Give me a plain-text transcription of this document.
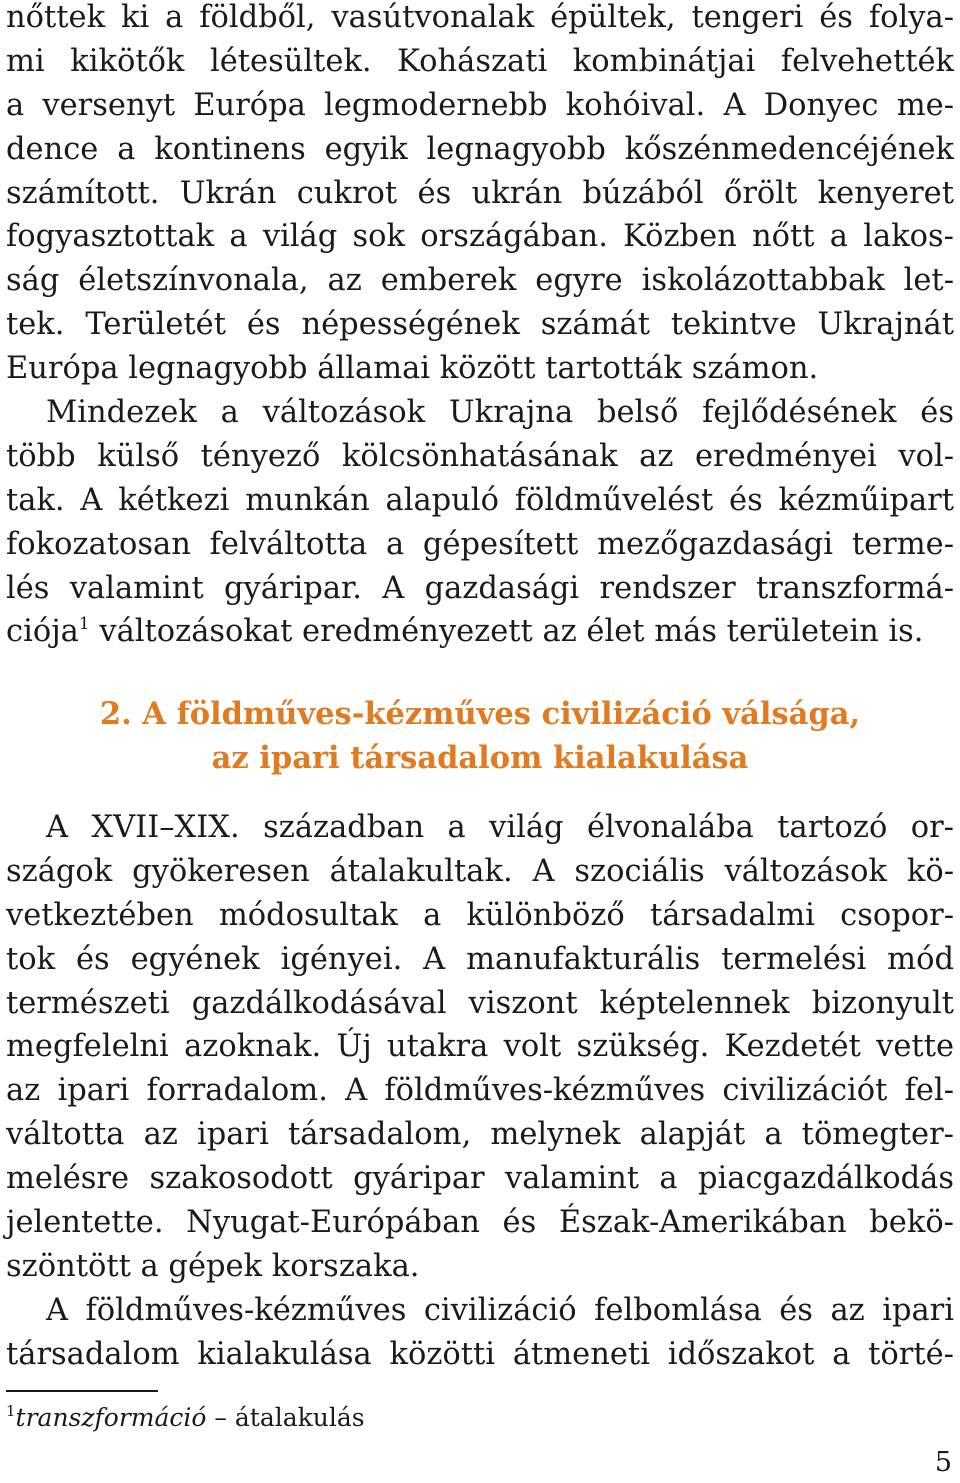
nőttek ki a földből, vasútvonalak épültek, tengeri és folya-
mi kikötők létesültek. Kohászati kombinátjai felvehették
a versenyt Európa legmodernebb kohóival. A Donyec me-
dence a kontinens egyik legnagyobb kőszénmedencéjének
számított. Ukrán cukrot és ukrán búzából őrölt kenyeret
fogyasztottak a világ sok országában. Közben nőtt a lakos-
ság életszínvonala, az emberek egyre iskolázottabbak let-
tek. Területét és népességének számát tekintve Ukrajnát
Európa legnagyobb államai között tartották számon.
Mindezek a változások Ukrajna belső fejlődésének és
több külső tényező kölcsönhatásának az eredményei vol-
tak. A kétkezi munkán alapuló földművelést és kézműipart
fokozatosan felváltotta a gépesített mezőgazdasági terme-
lés valamint gyáripar. A gazdasági rendszer transzformá-
ciója$^1$ változásokat eredményezett az élet más területein is.
2. A földműves-kézműves civilizáció válsága,
az ipari társadalom kialakulása
A XVII–XIX. században a világ élvonalába tartozó or-
szágok gyökeresen átalakultak. A szociális változások kö-
vetkeztében módosultak a különböző társadalmi csopor-
tok és egyének igényei. A manufakturális termelési mód
természeti gazdálkodásával viszont képtelennek bizonyult
megfelelni azoknak. Új utakra volt szükség. Kezdetét vette
az ipari forradalom. A földműves-kézműves civilizációt fel-
váltotta az ipari társadalom, melynek alapját a tömegter-
melésre szakosodott gyáripar valamint a piacgazdálkodás
jelentette. Nyugat-Európában és Észak-Amerikában bekö-
szöntött a gépek korszaka.
A földműves-kézműves civilizáció felbomlása és az ipari
társadalom kialakulása közötti átmeneti időszakot a törté-
$^1$transzformáció – átalakulás
5
